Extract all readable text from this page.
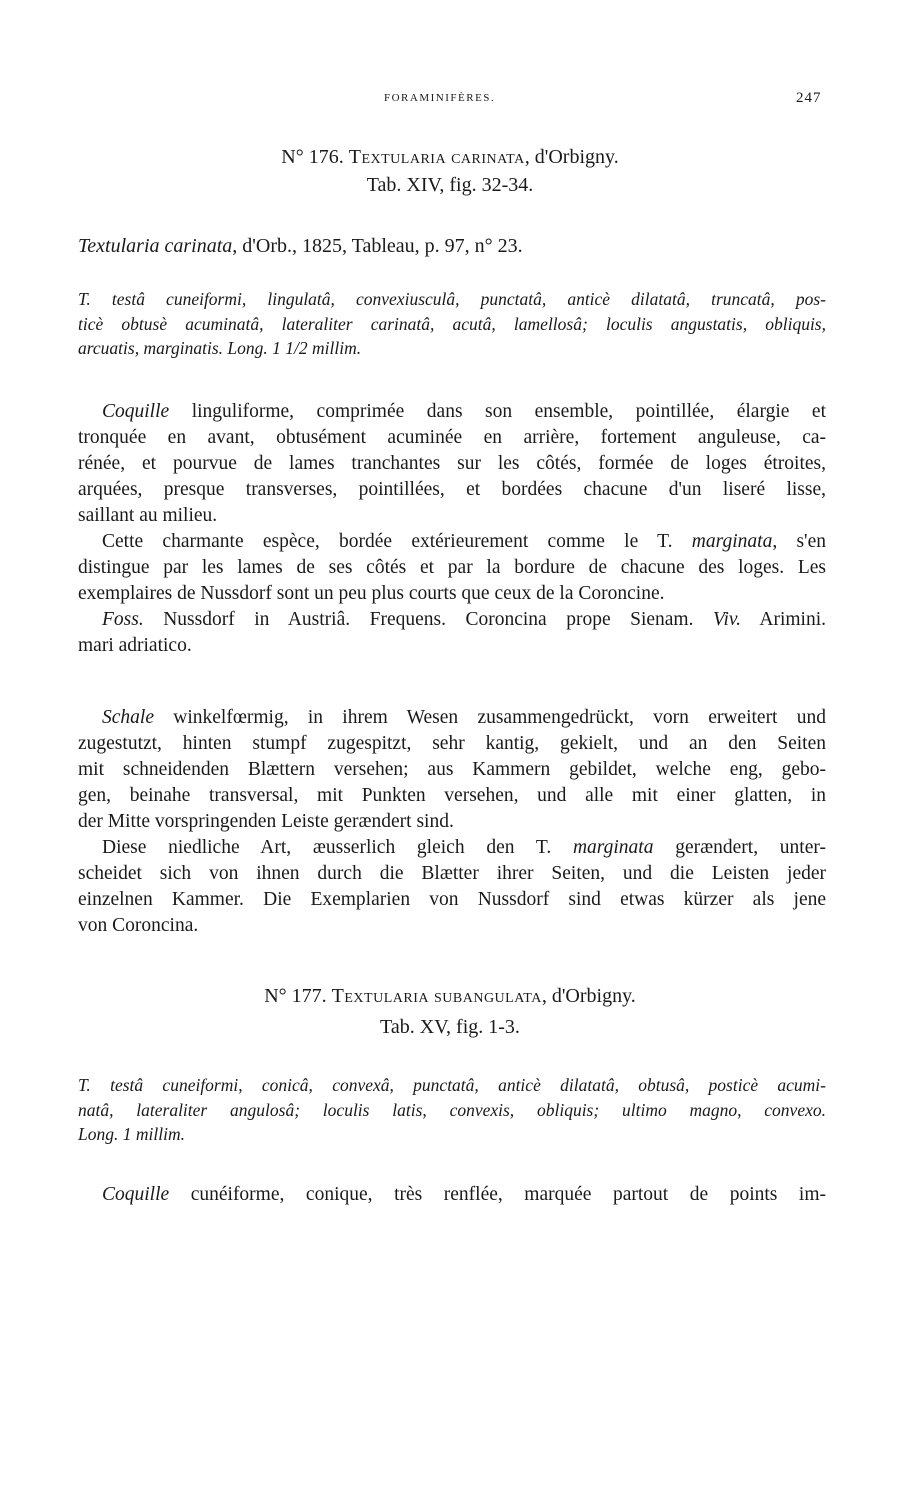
FORAMINIFÈRES.	247
N° 176. Textularia carinata, d'Orbigny.
Tab. XIV, fig. 32-34.
Textularia carinata, d'Orb., 1825, Tableau, p. 97, n° 23.
T. testâ cuneiformi, lingulatâ, convexiusculâ, punctatâ, anticè dilatatâ, truncatâ, pos-
ticè obtusè acuminatâ, lateraliter carinatâ, acutâ, lamellosâ; loculis angustatis, obliquis,
arcuatis, marginatis. Long. 1 1/2 millim.
Coquille linguliforme, comprimée dans son ensemble, pointillée, élargie et
tronquée en avant, obtusément acuminée en arrière, fortement anguleuse, ca-
rénée, et pourvue de lames tranchantes sur les côtés, formée de loges étroites,
arquées, presque transverses, pointillées, et bordées chacune d'un liseré lisse,
saillant au milieu.
Cette charmante espèce, bordée extérieurement comme le T. marginata, s'en
distingue par les lames de ses côtés et par la bordure de chacune des loges. Les
exemplaires de Nussdorf sont un peu plus courts que ceux de la Coroncine.
Foss. Nussdorf in Austriâ. Frequens. Coroncina prope Sienam. Viv. Arimini.
mari adriatico.
Schale winkelfœrmig, in ihrem Wesen zusammengedrückt, vorn erweitert und
zugestutzt, hinten stumpf zugespitzt, sehr kantig, gekielt, und an den Seiten
mit schneidenden Blættern versehen; aus Kammern gebildet, welche eng, gebo-
gen, beinahe transversal, mit Punkten versehen, und alle mit einer glatten, in
der Mitte vorspringenden Leiste gerændert sind.
Diese niedliche Art, æusserlich gleich den T. marginata gerændert, unter-
scheidet sich von ihnen durch die Blætter ihrer Seiten, und die Leisten jeder
einzelnen Kammer. Die Exemplarien von Nussdorf sind etwas kürzer als jene
von Coroncina.
N° 177. Textularia subangulata, d'Orbigny.
Tab. XV, fig. 1-3.
T. testâ cuneiformi, conicâ, convexâ, punctatâ, anticè dilatatâ, obtusâ, posticè acumi-
natâ, lateraliter angulosâ; loculis latis, convexis, obliquis; ultimo magno, convexo.
Long. 1 millim.
Coquille cunéiforme, conique, très renflée, marquée partout de points im-
